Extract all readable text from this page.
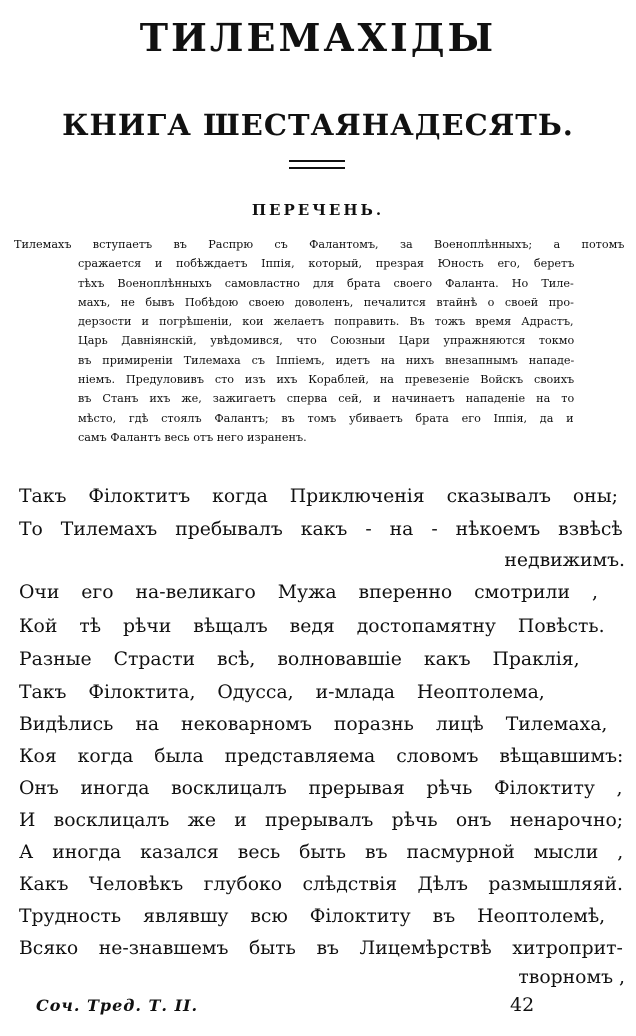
ТИЛЕМАХІДЫ
КНИГА ШЕСТАЯНАДЕСЯТЬ.
ПЕРЕЧЕНЬ.
Тилемахъ вступаетъ въ Распрю съ Фалантомъ, за Военоплѣнныхъ; а потомъ
сражается и побѣждаетъ Іппія, который, презрая Юность его, беретъ
тѣхъ Военоплѣнныхъ самовластно для брата своего Фаланта. Но Тиле-
махъ, не бывъ Побѣдою своею доволенъ, печалится втайнѣ о своей про-
дерзости и погрѣшеніи, кои желаетъ поправить. Въ тожъ время Адрастъ,
Царь Давніянскій, увѣдомився, что Союзныи Цари упражняются токмо
въ примиреніи Тилемаха съ Іппіемъ, идетъ на нихъ внезапнымъ нападе-
ніемъ. Предуловивъ сто изъ ихъ Кораблей, на превезеніе Войскъ своихъ
въ Станъ ихъ же, зажигаетъ сперва сей, и начинаетъ нападеніе на то
мѣсто, гдѣ стоялъ Фалантъ; въ томъ убиваетъ брата его Іппія, да и
самъ Фалантъ весь отъ него израненъ.
Такъ Філоктитъ когда Приключенія сказывалъ оны;
То Тилемахъ пребывалъ какъ - на - нѣкоемъ взвѣсѣ
недвижимъ.
Очи его на-великаго Мужа вперенно смотрили ,
Кой тѣ рѣчи вѣщалъ ведя достопамятну Повѣсть.
Разные Страсти всѣ, волновавшіе какъ Праклія,
Такъ Філоктита, Одусса, и-млада Неоптолема,
Видѣлись на нековарномъ поразнь лицѣ Тилемаха,
Коя когда была представляема словомъ вѣщавшимъ:
Онъ иногда восклицалъ прерывая рѣчь Філоктиту ,
И восклицалъ же и прерывалъ рѣчь онъ ненарочно;
А иногда казался весь быть въ пасмурной мысли ,
Какъ Человѣкъ глубоко слѣдствія Дѣлъ размышляяй.
Трудность являвшу всю Філоктиту въ Неоптолемѣ,
Всяко не-знавшемъ быть въ Лицемѣрствѣ хитроприт-
творномъ ,
Соч. Тред. Т. II.	42
